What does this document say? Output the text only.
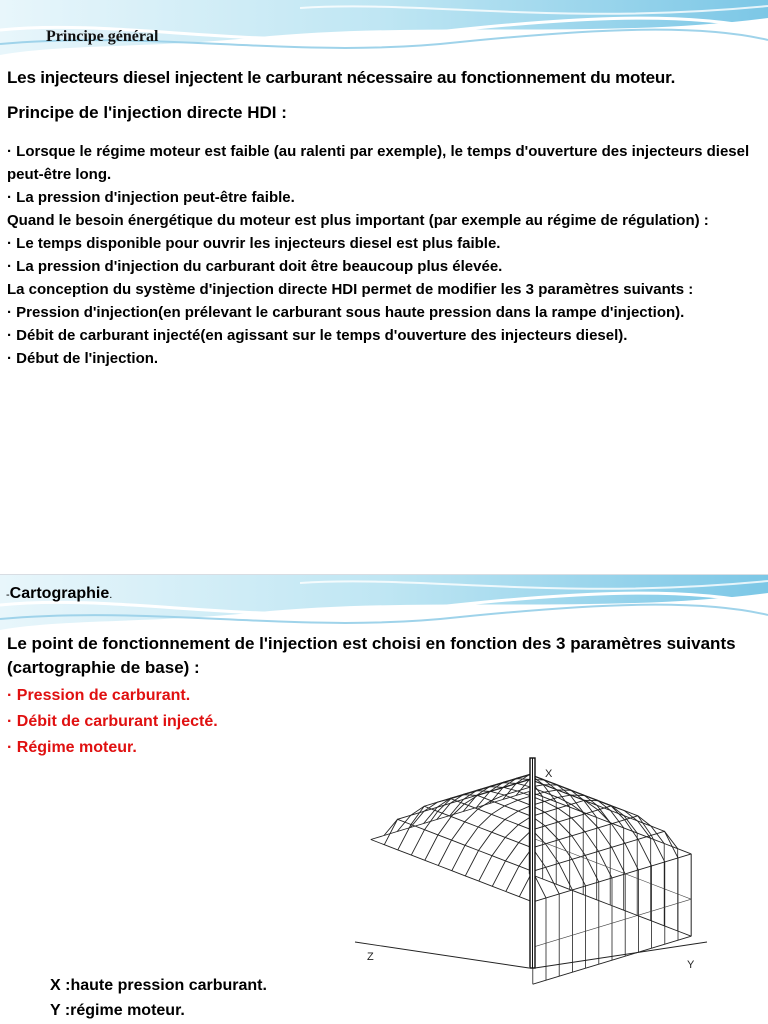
Principe général
Les injecteurs diesel injectent le carburant nécessaire au fonctionnement du moteur.
Principe de l'injection directe HDI :

· Lorsque le régime moteur est faible (au ralenti par exemple), le temps d'ouverture des injecteurs diesel peut-être long.

· La pression d'injection peut-être faible.

Quand le besoin énergétique du moteur est plus important (par exemple au régime de régulation) :

· Le temps disponible pour ouvrir les injecteurs diesel est plus faible.

· La pression d'injection du carburant doit être beaucoup plus élevée.

La conception du système d'injection directe HDI permet de modifier les 3 paramètres suivants :

· Pression d'injection(en prélevant le carburant sous haute pression dans la rampe d'injection).

· Débit de carburant injecté(en agissant sur le temps d'ouverture des injecteurs diesel).

· Début de l'injection.

-Cartographie.
Le point de fonctionnement de l'injection est choisi en fonction des 3 paramètres suivants (cartographie de base) :
· Pression de carburant.
· Débit de carburant injecté.
· Régime moteur.
X
Z
Y
X :haute pression carburant.
Y :régime moteur.
